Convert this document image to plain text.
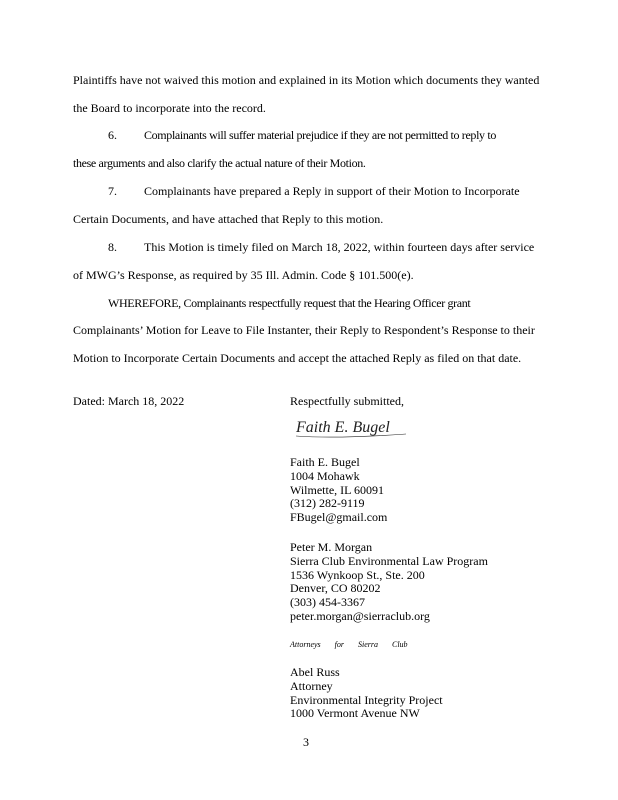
Plaintiffs have not waived this motion and explained in its Motion which documents they wanted
the Board to incorporate into the record.
6. Complainants will suffer material prejudice if they are not permitted to reply to
these arguments and also clarify the actual nature of their Motion.
7. Complainants have prepared a Reply in support of their Motion to Incorporate
Certain Documents, and have attached that Reply to this motion.
8. This Motion is timely filed on March 18, 2022, within fourteen days after service
of MWG’s Response, as required by 35 Ill. Admin. Code § 101.500(e).
WHEREFORE, Complainants respectfully request that the Hearing Officer grant
Complainants’ Motion for Leave to File Instanter, their Reply to Respondent’s Response to their
Motion to Incorporate Certain Documents and accept the attached Reply as filed on that date.
Dated: March 18, 2022	Respectfully submitted,
Faith E. Bugel
Faith E. Bugel
1004 Mohawk
Wilmette, IL 60091
(312) 282-9119
FBugel@gmail.com
Peter M. Morgan
Sierra Club Environmental Law Program
1536 Wynkoop St., Ste. 200
Denver, CO 80202
(303) 454-3367
peter.morgan@sierraclub.org
Attorneys for Sierra Club
Abel Russ
Attorney
Environmental Integrity Project
1000 Vermont Avenue NW
3
